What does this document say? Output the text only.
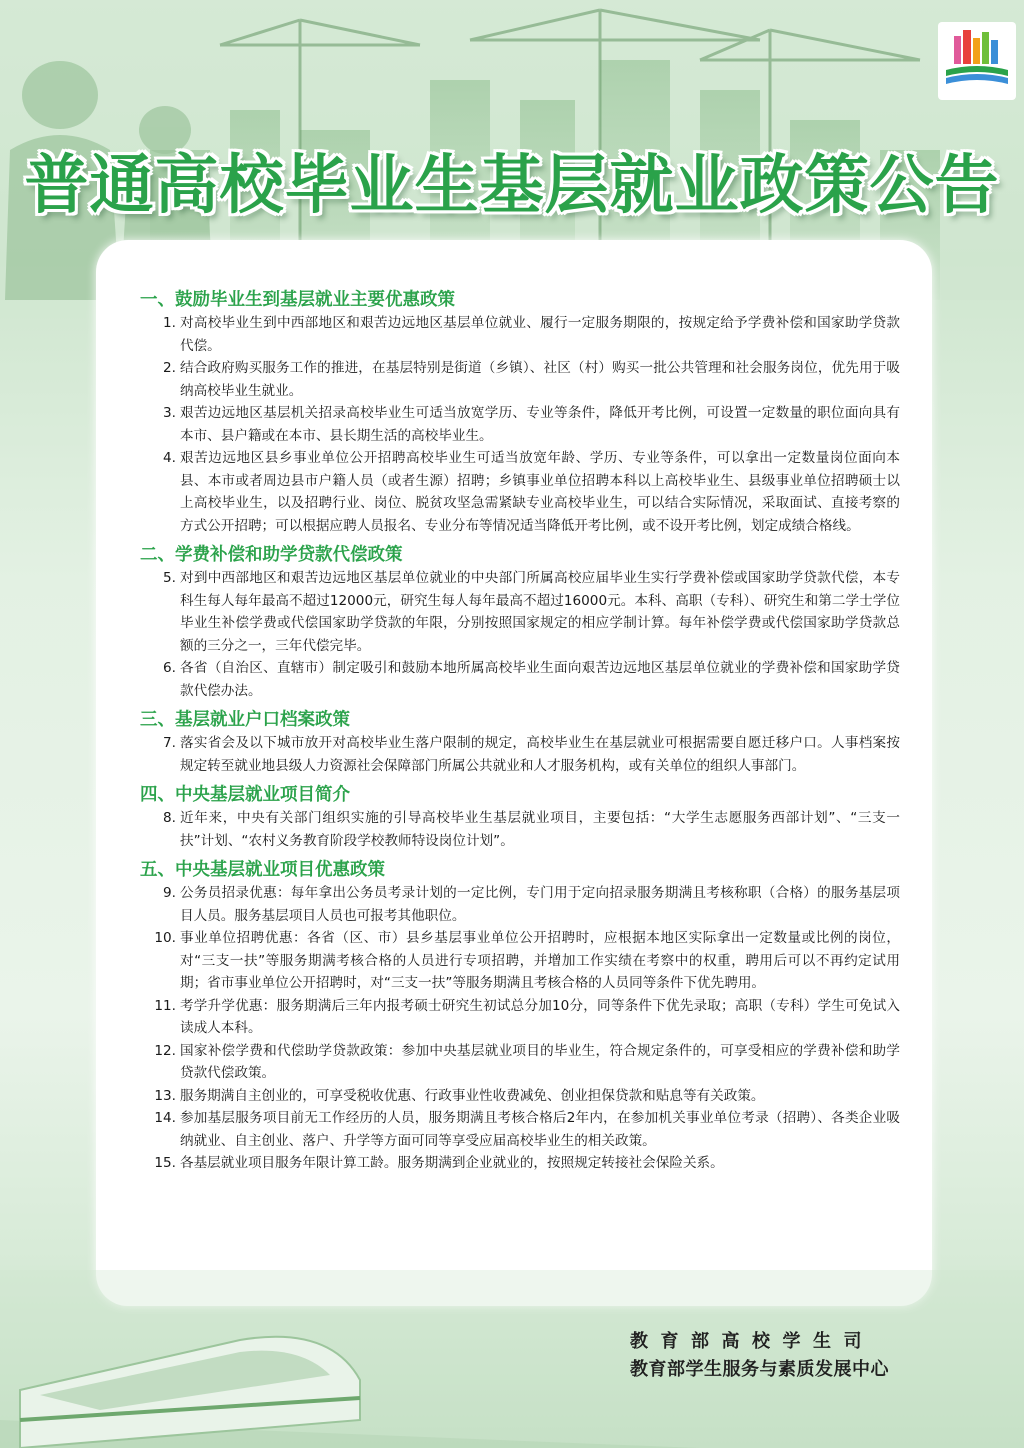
普通高校毕业生基层就业政策公告
一、鼓励毕业生到基层就业主要优惠政策
1. 对高校毕业生到中西部地区和艰苦边远地区基层单位就业、履行一定服务期限的，按规定给予学费补偿和国家助学贷款代偿。
2. 结合政府购买服务工作的推进，在基层特别是街道（乡镇）、社区（村）购买一批公共管理和社会服务岗位，优先用于吸纳高校毕业生就业。
3. 艰苦边远地区基层机关招录高校毕业生可适当放宽学历、专业等条件，降低开考比例，可设置一定数量的职位面向具有本市、县户籍或在本市、县长期生活的高校毕业生。
4. 艰苦边远地区县乡事业单位公开招聘高校毕业生可适当放宽年龄、学历、专业等条件，可以拿出一定数量岗位面向本县、本市或者周边县市户籍人员（或者生源）招聘；乡镇事业单位招聘本科以上高校毕业生、县级事业单位招聘硕士以上高校毕业生，以及招聘行业、岗位、脱贫攻坚急需紧缺专业高校毕业生，可以结合实际情况，采取面试、直接考察的方式公开招聘；可以根据应聘人员报名、专业分布等情况适当降低开考比例，或不设开考比例，划定成绩合格线。
二、学费补偿和助学贷款代偿政策
5. 对到中西部地区和艰苦边远地区基层单位就业的中央部门所属高校应届毕业生实行学费补偿或国家助学贷款代偿，本专科生每人每年最高不超过12000元，研究生每人每年最高不超过16000元。本科、高职（专科）、研究生和第二学士学位毕业生补偿学费或代偿国家助学贷款的年限，分别按照国家规定的相应学制计算。每年补偿学费或代偿国家助学贷款总额的三分之一，三年代偿完毕。
6. 各省（自治区、直辖市）制定吸引和鼓励本地所属高校毕业生面向艰苦边远地区基层单位就业的学费补偿和国家助学贷款代偿办法。
三、基层就业户口档案政策
7. 落实省会及以下城市放开对高校毕业生落户限制的规定，高校毕业生在基层就业可根据需要自愿迁移户口。人事档案按规定转至就业地县级人力资源社会保障部门所属公共就业和人才服务机构，或有关单位的组织人事部门。
四、中央基层就业项目简介
8. 近年来，中央有关部门组织实施的引导高校毕业生基层就业项目，主要包括：“大学生志愿服务西部计划”、“三支一扶”计划、“农村义务教育阶段学校教师特设岗位计划”。
五、中央基层就业项目优惠政策
9. 公务员招录优惠：每年拿出公务员考录计划的一定比例，专门用于定向招录服务期满且考核称职（合格）的服务基层项目人员。服务基层项目人员也可报考其他职位。
10. 事业单位招聘优惠：各省（区、市）县乡基层事业单位公开招聘时，应根据本地区实际拿出一定数量或比例的岗位，对“三支一扶”等服务期满考核合格的人员进行专项招聘，并增加工作实绩在考察中的权重，聘用后可以不再约定试用期；省市事业单位公开招聘时，对“三支一扶”等服务期满且考核合格的人员同等条件下优先聘用。
11. 考学升学优惠：服务期满后三年内报考硕士研究生初试总分加10分，同等条件下优先录取；高职（专科）学生可免试入读成人本科。
12. 国家补偿学费和代偿助学贷款政策：参加中央基层就业项目的毕业生，符合规定条件的，可享受相应的学费补偿和助学贷款代偿政策。
13. 服务期满自主创业的，可享受税收优惠、行政事业性收费减免、创业担保贷款和贴息等有关政策。
14. 参加基层服务项目前无工作经历的人员，服务期满且考核合格后2年内，在参加机关事业单位考录（招聘）、各类企业吸纳就业、自主创业、落户、升学等方面可同等享受应届高校毕业生的相关政策。
15. 各基层就业项目服务年限计算工龄。服务期满到企业就业的，按照规定转接社会保险关系。
教育部高校学生司
教育部学生服务与素质发展中心
